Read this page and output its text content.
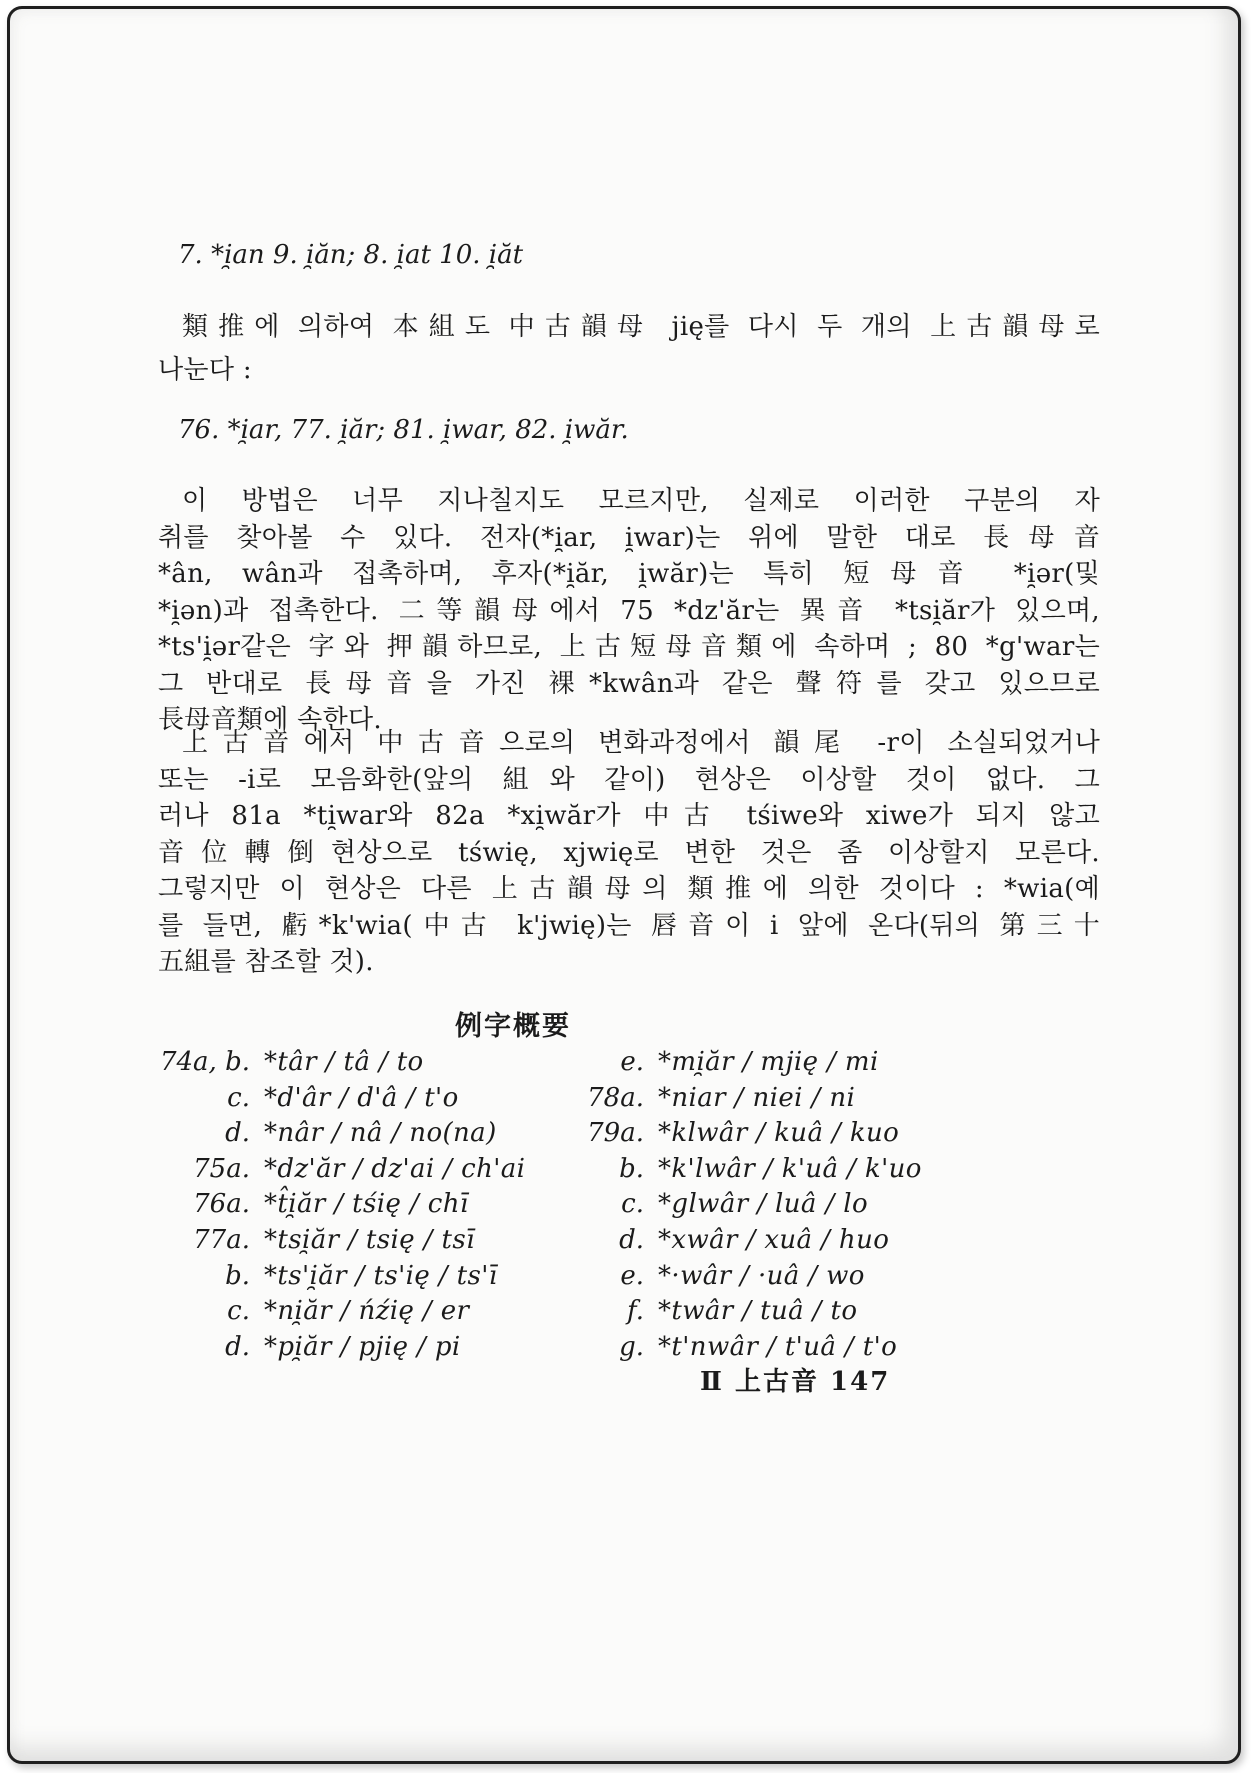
7. *i̯an 9. i̯ăn; 8. i̯at 10. i̯ăt
類推에 의하여 本組도 中古韻母 jię를 다시 두 개의 上古韻母로
나눈다 :
76. *i̯ar, 77. i̯ăr; 81. i̯war, 82. i̯wăr.
이 방법은 너무 지나칠지도 모르지만, 실제로 이러한 구분의 자
취를 찾아볼 수 있다. 전자(*i̯ar, i̯war)는 위에 말한 대로 長母音
*ân, wân과 접촉하며, 후자(*i̯ăr, i̯wăr)는 특히 短母音 *i̯ər(및
*i̯ən)과 접촉한다. 二等韻母에서 75 *dz'ăr는 異音 *tsi̯ăr가 있으며,
*ts'i̯ər같은 字와 押韻하므로, 上古短母音類에 속하며 ; 80 *g'war는
그 반대로 長母音을 가진 裸*kwân과 같은 聲符를 갖고 있으므로
長母音類에 속한다.
上古音에서 中古音으로의 변화과정에서 韻尾 -r이 소실되었거나
또는 -i로 모음화한(앞의 組와 같이) 현상은 이상할 것이 없다. 그
러나 81a *ti̯war와 82a *xi̯wăr가 中古 tśiwe와 xiwe가 되지 않고
音位轉倒현상으로 tświę, xjwię로 변한 것은 좀 이상할지 모른다.
그렇지만 이 현상은 다른 上古韻母의 類推에 의한 것이다 : *wia(예
를 들면, 虧*k'wia(中古 k'jwię)는 唇音이 i 앞에 온다(뒤의 第三十
五組를 참조할 것).
例字概要
74a, b. *târ / tâ / to
c. *d'âr / d'â / t'o
d. *nâr / nâ / no(na)
75a. *dz'ăr / dz'ai / ch'ai
76a. *t̂i̯ăr / tśię / chī
77a. *tsi̯ăr / tsię / tsī
b. *ts'i̯ăr / ts'ię / ts'ī
c. *ni̯ăr / ńźię / er
d. *pi̯ăr / pjię / pi
e. *mi̯ăr / mjię / mi
78a. *niar / niei / ni
79a. *klwâr / kuâ / kuo
b. *k'lwâr / k'uâ / k'uo
c. *glwâr / luâ / lo
d. *xwâr / xuâ / huo
e. *·wâr / ·uâ / wo
f. *twâr / tuâ / to
g. *t'nwâr / t'uâ / t'o
Ⅱ 上古音 147
